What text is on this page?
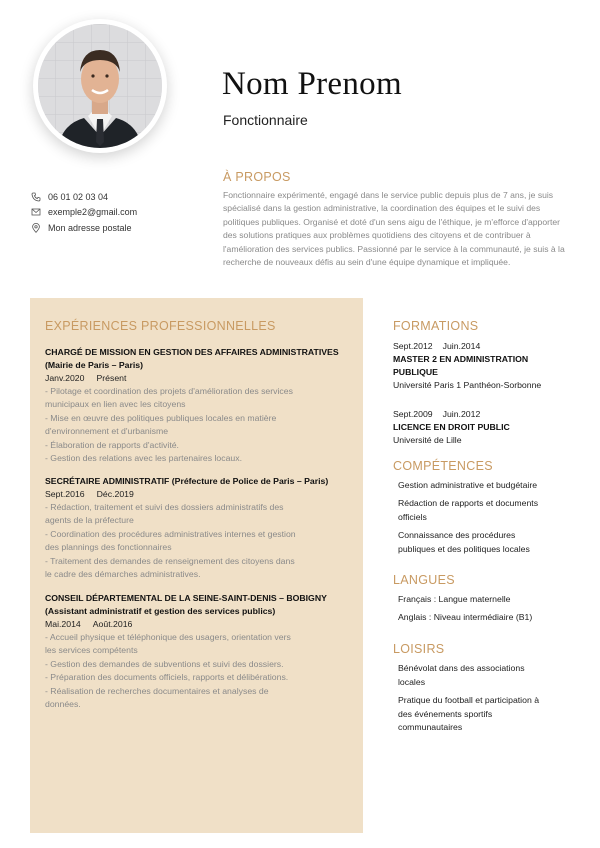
Nom Prenom
Fonctionnaire
06 01 02 03 04
exemple2@gmail.com
Mon adresse postale
À PROPOS
Fonctionnaire expérimenté, engagé dans le service public depuis plus de 7 ans, je suis spécialisé dans la gestion administrative, la coordination des équipes et le suivi des politiques publiques. Organisé et doté d'un sens aigu de l'éthique, je m'efforce d'apporter des solutions pratiques aux problèmes quotidiens des citoyens et de contribuer à l'amélioration des services publics. Passionné par le service à la communauté, je suis à la recherche de nouveaux défis au sein d'une équipe dynamique et impliquée.
EXPÉRIENCES PROFESSIONNELLES
CHARGÉ DE MISSION EN GESTION DES AFFAIRES ADMINISTRATIVES
(Mairie de Paris – Paris)
Janv.2020 Présent
- Pilotage et coordination des projets d'amélioration des services
municipaux en lien avec les citoyens
- Mise en œuvre des politiques publiques locales en matière
d'environnement et d'urbanisme
- Élaboration de rapports d'activité.
- Gestion des relations avec les partenaires locaux.
SECRÉTAIRE ADMINISTRATIF (Préfecture de Police de Paris – Paris)
Sept.2016 Déc.2019
- Rédaction, traitement et suivi des dossiers administratifs des
agents de la préfecture
- Coordination des procédures administratives internes et gestion
des plannings des fonctionnaires
- Traitement des demandes de renseignement des citoyens dans
le cadre des démarches administratives.
CONSEIL DÉPARTEMENTAL DE LA SEINE-SAINT-DENIS – BOBIGNY
(Assistant administratif et gestion des services publics)
Mai.2014 Août.2016
- Accueil physique et téléphonique des usagers, orientation vers
les services compétents
- Gestion des demandes de subventions et suivi des dossiers.
- Préparation des documents officiels, rapports et délibérations.
- Réalisation de recherches documentaires et analyses de
données.
FORMATIONS
Sept.2012 Juin.2014
MASTER 2 EN ADMINISTRATION
PUBLIQUE
Université Paris 1 Panthéon-Sorbonne
Sept.2009 Juin.2012
LICENCE EN DROIT PUBLIC
Université de Lille
COMPÉTENCES
Gestion administrative et budgétaire
Rédaction de rapports et documents
officiels
Connaissance des procédures
publiques et des politiques locales
LANGUES
Français : Langue maternelle
Anglais : Niveau intermédiaire (B1)
LOISIRS
Bénévolat dans des associations
locales
Pratique du football et participation à
des événements sportifs
communautaires
